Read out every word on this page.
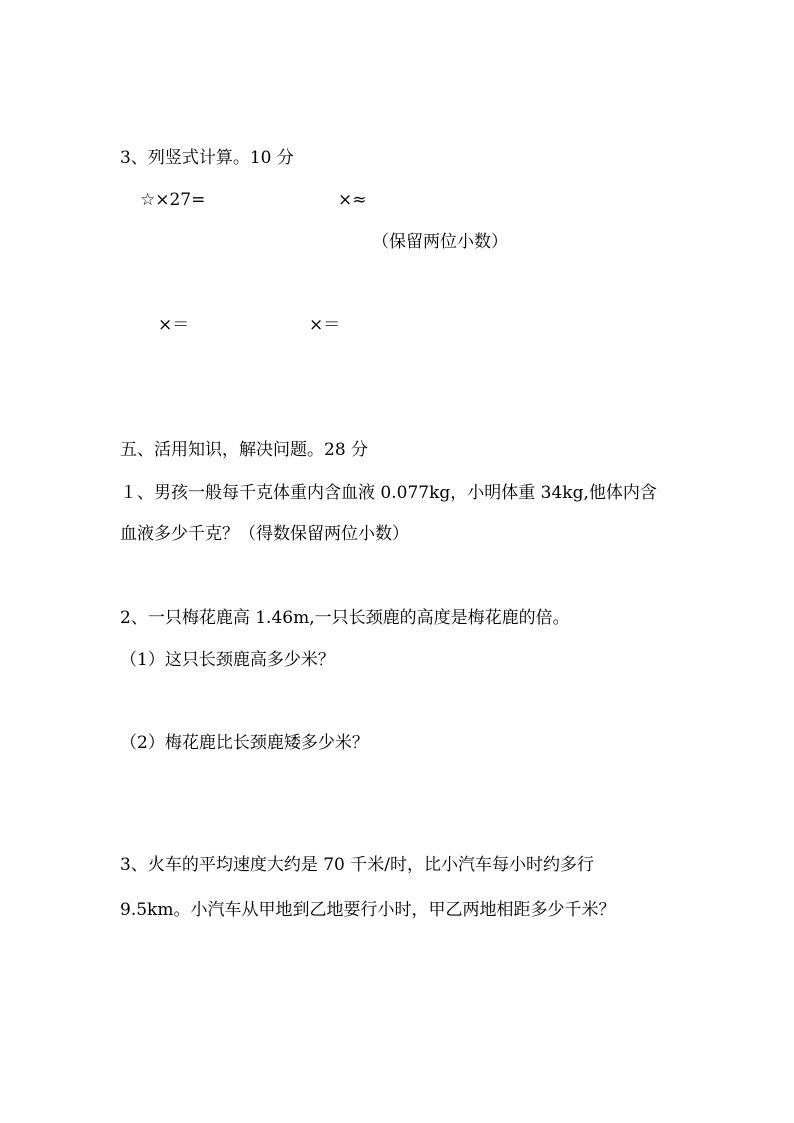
3、列竖式计算。10 分
☆×27=	×≈
（保留两位小数）
×＝	×＝
五、活用知识，解决问题。28 分
１、男孩一般每千克体重内含血液 0.077kg，小明体重 34kg,他体内含
血液多少千克？（得数保留两位小数）
2、一只梅花鹿高 1.46m,一只长颈鹿的高度是梅花鹿的倍。
（1）这只长颈鹿高多少米？
（2）梅花鹿比长颈鹿矮多少米？
3、火车的平均速度大约是 70 千米/时，比小汽车每小时约多行
9.5km。小汽车从甲地到乙地要行小时，甲乙两地相距多少千米？
